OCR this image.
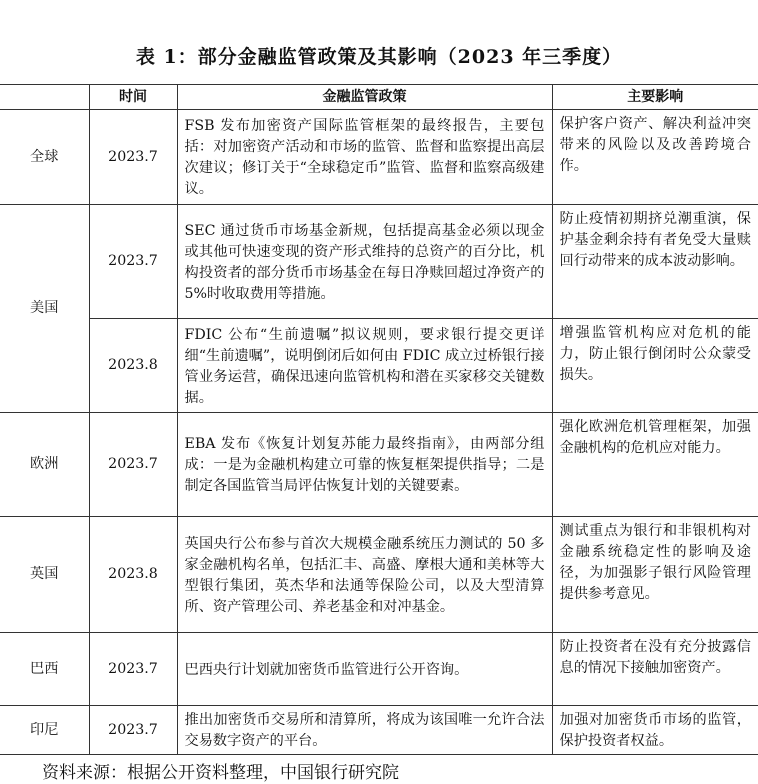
表 1：部分金融监管政策及其影响（2023 年三季度）
	时间	金融监管政策	主要影响
全球	2023.7	FSB 发布加密资产国际监管框架的最终报告，主要包括：对加密资产活动和市场的监管、监督和监察提出高层次建议；修订关于“全球稳定币”监管、监督和监察高级建议。	保护客户资产、解决利益冲突带来的风险以及改善跨境合作。
美国	2023.7	SEC 通过货币市场基金新规，包括提高基金必须以现金或其他可快速变现的资产形式维持的总资产的百分比，机构投资者的部分货币市场基金在每日净赎回超过净资产的 5%时收取费用等措施。	防止疫情初期挤兑潮重演，保护基金剩余持有者免受大量赎回行动带来的成本波动影响。
	2023.8	FDIC 公布“生前遗嘱”拟议规则，要求银行提交更详细“生前遗嘱”，说明倒闭后如何由 FDIC 成立过桥银行接管业务运营，确保迅速向监管机构和潜在买家移交关键数据。	增强监管机构应对危机的能力，防止银行倒闭时公众蒙受损失。
欧洲	2023.7	EBA 发布《恢复计划复苏能力最终指南》，由两部分组成：一是为金融机构建立可靠的恢复框架提供指导；二是制定各国监管当局评估恢复计划的关键要素。	强化欧洲危机管理框架，加强金融机构的危机应对能力。
英国	2023.8	英国央行公布参与首次大规模金融系统压力测试的 50 多家金融机构名单，包括汇丰、高盛、摩根大通和美林等大型银行集团，英杰华和法通等保险公司，以及大型清算所、资产管理公司、养老基金和对冲基金。	测试重点为银行和非银机构对金融系统稳定性的影响及途径，为加强影子银行风险管理提供参考意见。
巴西	2023.7	巴西央行计划就加密货币监管进行公开咨询。	防止投资者在没有充分披露信息的情况下接触加密资产。
印尼	2023.7	推出加密货币交易所和清算所，将成为该国唯一允许合法交易数字资产的平台。	加强对加密货币市场的监管，保护投资者权益。
资料来源：根据公开资料整理，中国银行研究院
